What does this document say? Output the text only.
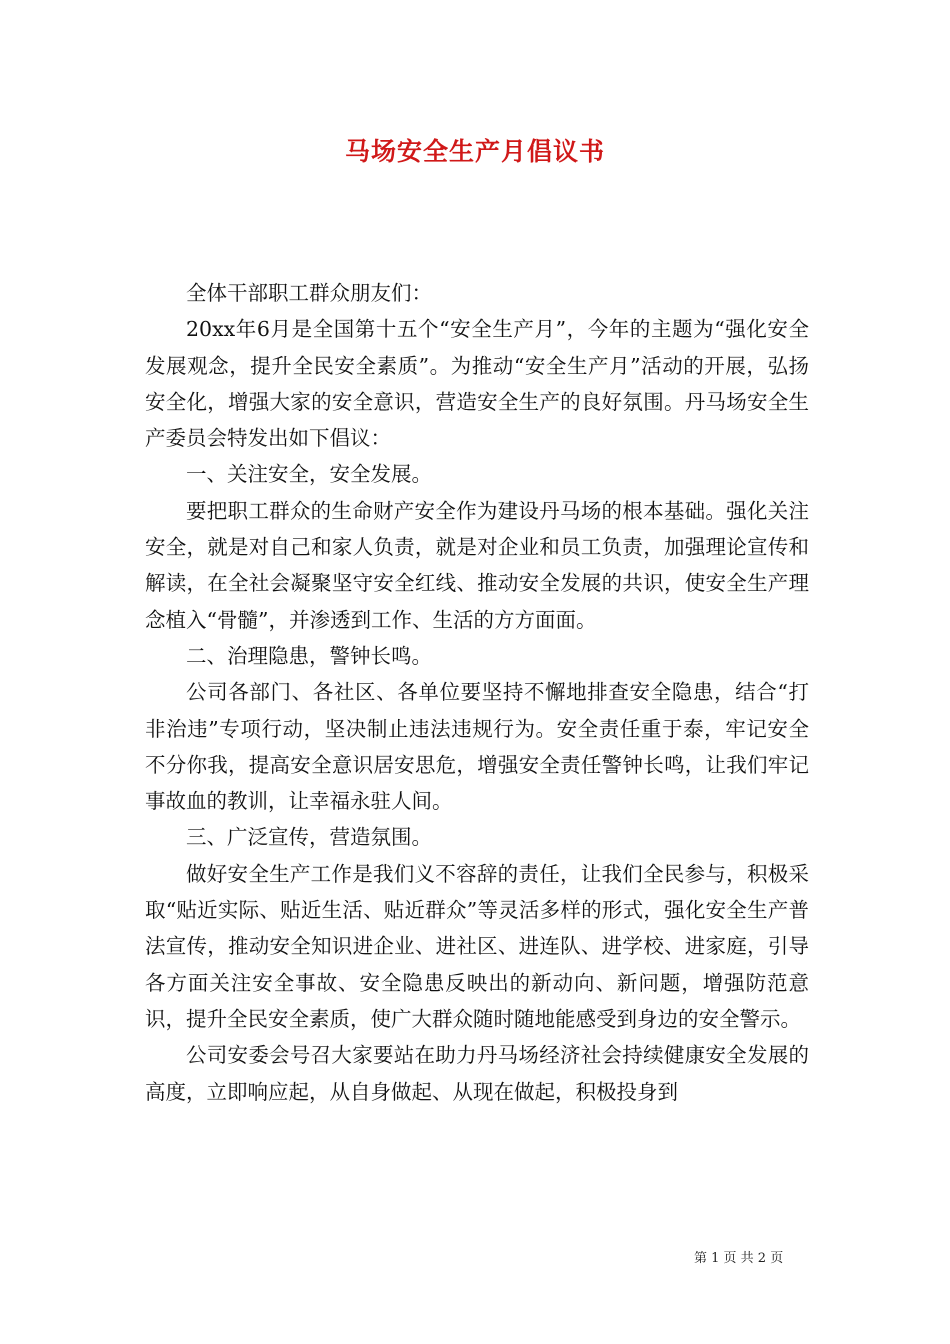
马场安全生产月倡议书

全体干部职工群众朋友们：

20xx年6月是全国第十五个“安全生产月”，今年的主题为“强化安全发展观念，提升全民安全素质”。为推动“安全生产月”活动的开展，弘扬安全化，增强大家的安全意识，营造安全生产的良好氛围。丹马场安全生产委员会特发出如下倡议：

一、关注安全，安全发展。

要把职工群众的生命财产安全作为建设丹马场的根本基础。强化关注安全，就是对自己和家人负责，就是对企业和员工负责，加强理论宣传和解读，在全社会凝聚坚守安全红线、推动安全发展的共识，使安全生产理念植入“骨髓”，并渗透到工作、生活的方方面面。

二、治理隐患，警钟长鸣。

公司各部门、各社区、各单位要坚持不懈地排查安全隐患，结合“打非治违”专项行动，坚决制止违法违规行为。安全责任重于泰，牢记安全不分你我，提高安全意识居安思危，增强安全责任警钟长鸣，让我们牢记事故血的教训，让幸福永驻人间。

三、广泛宣传，营造氛围。

做好安全生产工作是我们义不容辞的责任，让我们全民参与，积极采取“贴近实际、贴近生活、贴近群众”等灵活多样的形式，强化安全生产普法宣传，推动安全知识进企业、进社区、进连队、进学校、进家庭，引导各方面关注安全事故、安全隐患反映出的新动向、新问题，增强防范意识，提升全民安全素质，使广大群众随时随地能感受到身边的安全警示。

公司安委会号召大家要站在助力丹马场经济社会持续健康安全发展的高度，立即响应起，从自身做起、从现在做起，积极投身到

第 1 页 共 2 页
